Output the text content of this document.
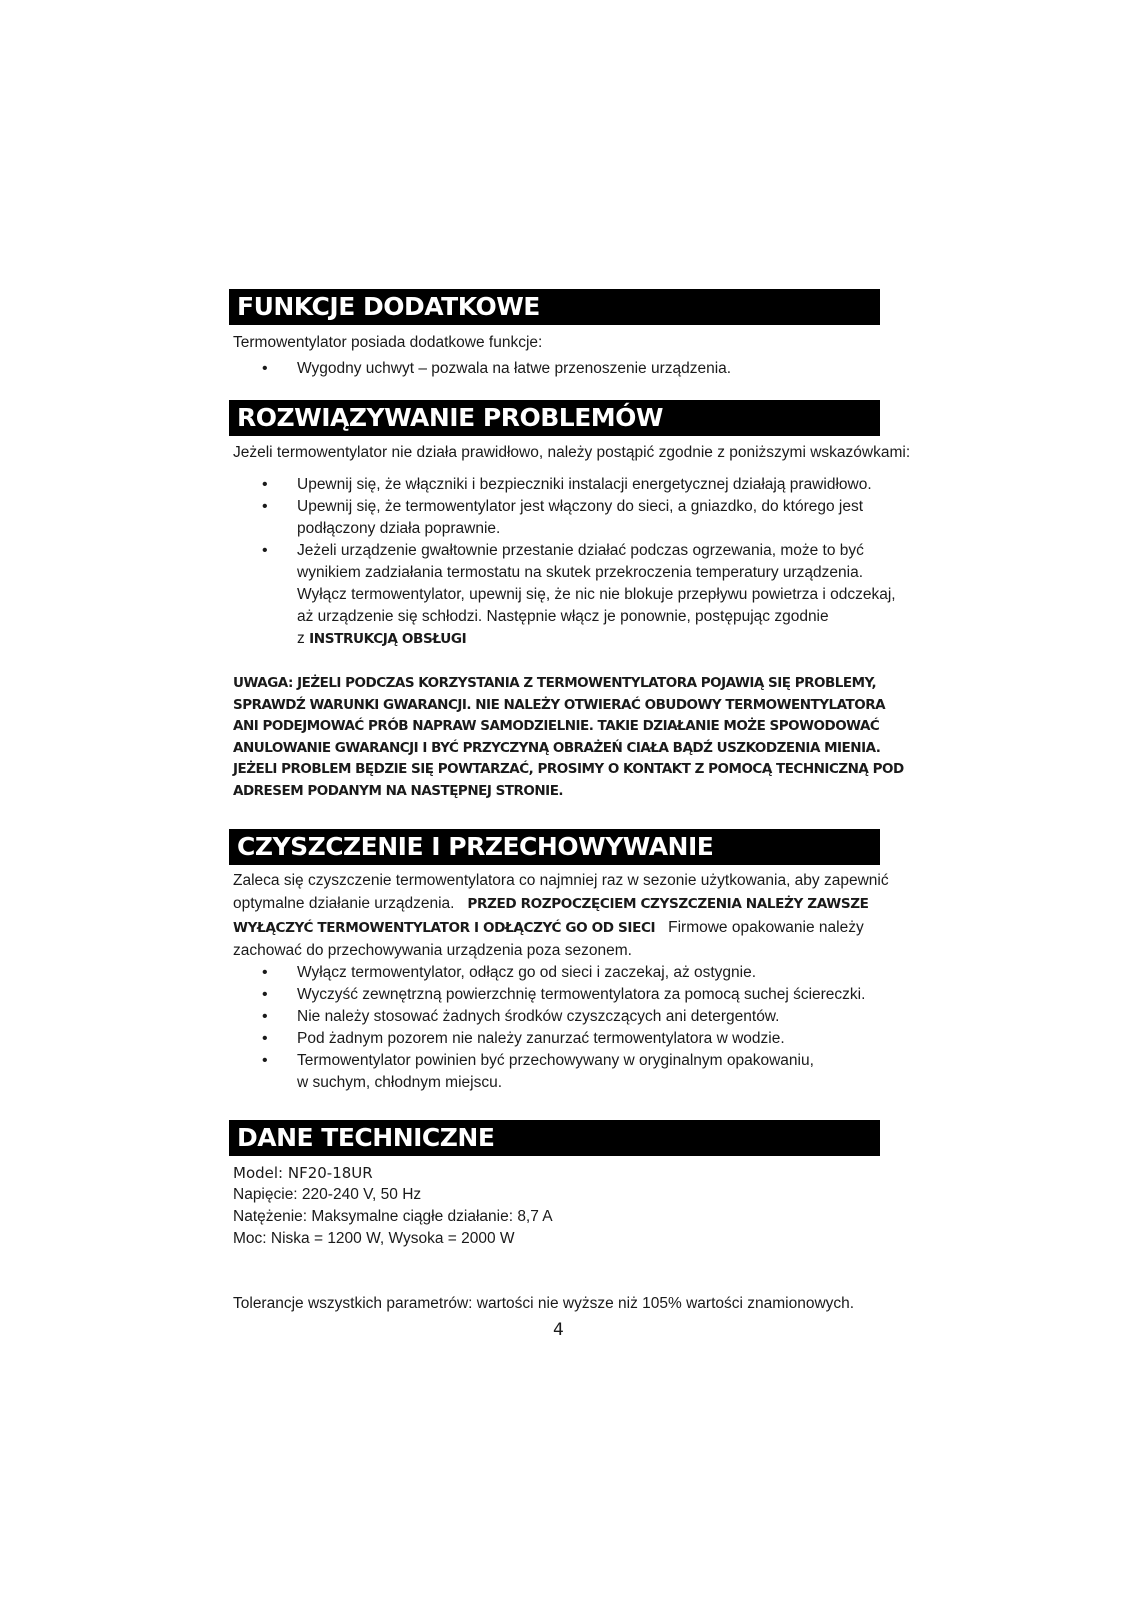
FUNKCJE DODATKOWE
Termowentylator posiada dodatkowe funkcje:
• Wygodny uchwyt – pozwala na łatwe przenoszenie urządzenia.
ROZWIĄZYWANIE PROBLEMÓW
Jeżeli termowentylator nie działa prawidłowo, należy postąpić zgodnie z poniższymi wskazówkami:
• Upewnij się, że włączniki i bezpieczniki instalacji energetycznej działają prawidłowo.
• Upewnij się, że termowentylator jest włączony do sieci, a gniazdko, do którego jest
podłączony działa poprawnie.
• Jeżeli urządzenie gwałtownie przestanie działać podczas ogrzewania, może to być
wynikiem zadziałania termostatu na skutek przekroczenia temperatury urządzenia.
Wyłącz termowentylator, upewnij się, że nic nie blokuje przepływu powietrza i odczekaj,
aż urządzenie się schłodzi. Następnie włącz je ponownie, postępując zgodnie
z INSTRUKCJĄ OBSŁUGI
UWAGA: JEŻELI PODCZAS KORZYSTANIA Z TERMOWENTYLATORA POJAWIĄ SIĘ PROBLEMY,
SPRAWDŹ WARUNKI GWARANCJI. NIE NALEŻY OTWIERAĆ OBUDOWY TERMOWENTYLATORA
ANI PODEJMOWAĆ PRÓB NAPRAW SAMODZIELNIE. TAKIE DZIAŁANIE MOŻE SPOWODOWAĆ
ANULOWANIE GWARANCJI I BYĆ PRZYCZYNĄ OBRAŻEŃ CIAŁA BĄDŹ USZKODZENIA MIENIA.
JEŻELI PROBLEM BĘDZIE SIĘ POWTARZAĆ, PROSIMY O KONTAKT Z POMOCĄ TECHNICZNĄ POD
ADRESEM PODANYM NA NASTĘPNEJ STRONIE.
CZYSZCZENIE I PRZECHOWYWANIE
Zaleca się czyszczenie termowentylatora co najmniej raz w sezonie użytkowania, aby zapewnić
optymalne działanie urządzenia. PRZED ROZPOCZĘCIEM CZYSZCZENIA NALEŻY ZAWSZE
WYŁĄCZYĆ TERMOWENTYLATOR I ODŁĄCZYĆ GO OD SIECI Firmowe opakowanie należy
zachować do przechowywania urządzenia poza sezonem.
• Wyłącz termowentylator, odłącz go od sieci i zaczekaj, aż ostygnie.
• Wyczyść zewnętrzną powierzchnię termowentylatora za pomocą suchej ściereczki.
• Nie należy stosować żadnych środków czyszczących ani detergentów.
• Pod żadnym pozorem nie należy zanurzać termowentylatora w wodzie.
• Termowentylator powinien być przechowywany w oryginalnym opakowaniu,
w suchym, chłodnym miejscu.
DANE TECHNICZNE
Model: NF20-18UR
Napięcie: 220-240 V, 50 Hz
Natężenie: Maksymalne ciągłe działanie: 8,7 A
Moc: Niska = 1200 W, Wysoka = 2000 W
Tolerancje wszystkich parametrów: wartości nie wyższe niż 105% wartości znamionowych.
4
